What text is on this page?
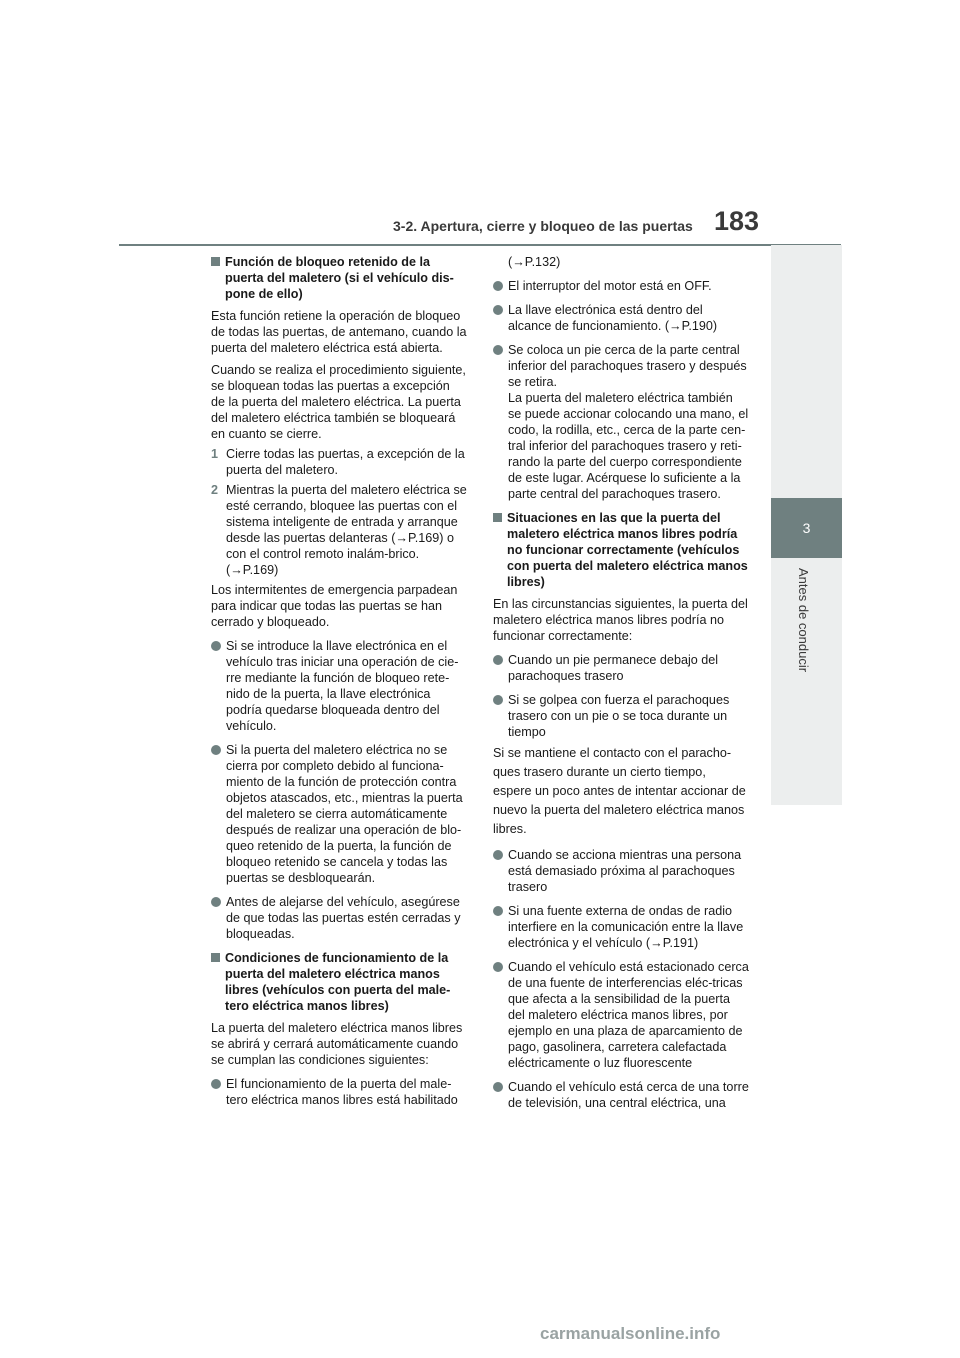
3-2. Apertura, cierre y bloqueo de las puertas 183
3
Antes de conducir
Función de bloqueo retenido de la puerta del maletero (si el vehículo dis-pone de ello)

Esta función retiene la operación de bloqueo de todas las puertas, de antemano, cuando la puerta del maletero eléctrica está abierta.

Cuando se realiza el procedimiento siguiente, se bloquean todas las puertas a excepción de la puerta del maletero eléctrica. La puerta del maletero eléctrica también se bloqueará en cuanto se cierre.

1 Cierre todas las puertas, a excepción de la puerta del maletero.
2 Mientras la puerta del maletero eléctrica se esté cerrando, bloquee las puertas con el sistema inteligente de entrada y arranque desde las puertas delanteras (→P.169) o con el control remoto inalám-brico. (→P.169)

Los intermitentes de emergencia parpadean para indicar que todas las puertas se han cerrado y bloqueado.

Si se introduce la llave electrónica en el vehículo tras iniciar una operación de cie-rre mediante la función de bloqueo rete-nido de la puerta, la llave electrónica podría quedarse bloqueada dentro del vehículo.
Si la puerta del maletero eléctrica no se cierra por completo debido al funciona-miento de la función de protección contra objetos atascados, etc., mientras la puerta del maletero se cierra automáticamente después de realizar una operación de blo-queo retenido de la puerta, la función de bloqueo retenido se cancela y todas las puertas se desbloquearán.
Antes de alejarse del vehículo, asegúrese de que todas las puertas estén cerradas y bloqueadas.
Condiciones de funcionamiento de la puerta del maletero eléctrica manos libres (vehículos con puerta del male-tero eléctrica manos libres)

La puerta del maletero eléctrica manos libres se abrirá y cerrará automáticamente cuando se cumplan las condiciones siguientes:

El funcionamiento de la puerta del male-tero eléctrica manos libres está habilitado
(→P.132)
El interruptor del motor está en OFF.
La llave electrónica está dentro del alcance de funcionamiento. (→P.190)
Se coloca un pie cerca de la parte central inferior del parachoques trasero y después se retira.
La puerta del maletero eléctrica también se puede accionar colocando una mano, el codo, la rodilla, etc., cerca de la parte cen-tral inferior del parachoques trasero y reti-rando la parte del cuerpo correspondiente de este lugar. Acérquese lo suficiente a la parte central del parachoques trasero.
Situaciones en las que la puerta del maletero eléctrica manos libres podría no funcionar correctamente (vehículos con puerta del maletero eléctrica manos libres)

En las circunstancias siguientes, la puerta del maletero eléctrica manos libres podría no funcionar correctamente:

Cuando un pie permanece debajo del parachoques trasero
Si se golpea con fuerza el parachoques trasero con un pie o se toca durante un tiempo

Si se mantiene el contacto con el paracho-

ques trasero durante un cierto tiempo,

espere un poco antes de intentar accionar de

nuevo la puerta del maletero eléctrica manos

libres.

Cuando se acciona mientras una persona está demasiado próxima al parachoques trasero
Si una fuente externa de ondas de radio interfiere en la comunicación entre la llave electrónica y el vehículo (→P.191)
Cuando el vehículo está estacionado cerca de una fuente de interferencias eléc-tricas que afecta a la sensibilidad de la puerta del maletero eléctrica manos libres, por ejemplo en una plaza de aparcamiento de pago, gasolinera, carretera calefactada eléctricamente o luz fluorescente
Cuando el vehículo está cerca de una torre de televisión, una central eléctrica, una
carmanualsonline.info
